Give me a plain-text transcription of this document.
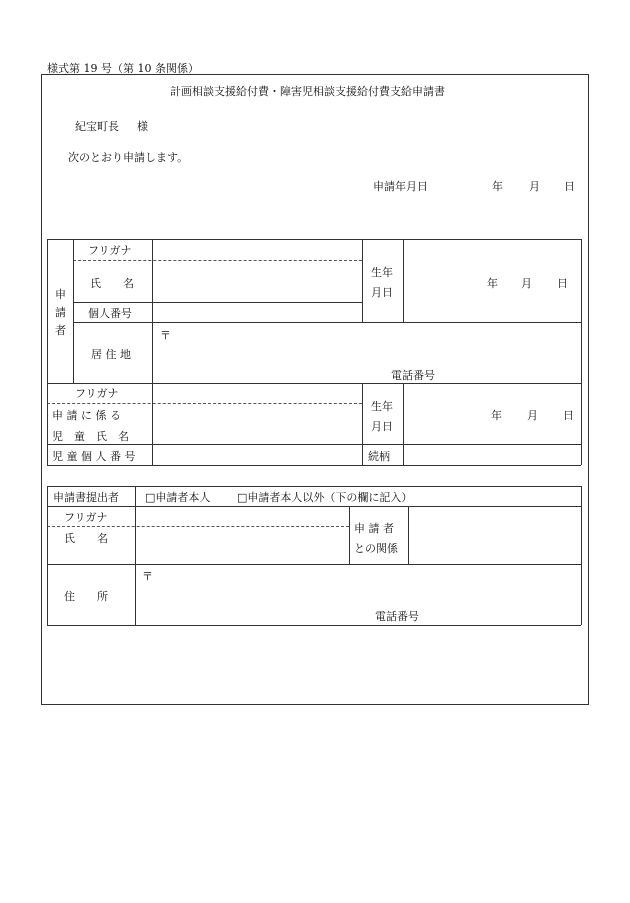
様式第 19 号（第 10 条関係）
計画相談支援給付費・障害児相談支援給付費支給申請書
紀宝町長 様
次のとおり申請します。
申請年月日	年 月 日
申
請
者
フリガナ
氏　　名
個人番号
居 住 地
〒
電話番号
生年
月日
年 月 日
フリガナ
申 請 に 係 る
児　童　氏　名
生年
月日
年 月 日
児 童 個 人 番 号	続柄
申請書提出者 □申請者本人 □申請者本人以外（下の欄に記入）
フリガナ
氏　　名
申 請 者
との関係
住　　所
〒
電話番号
